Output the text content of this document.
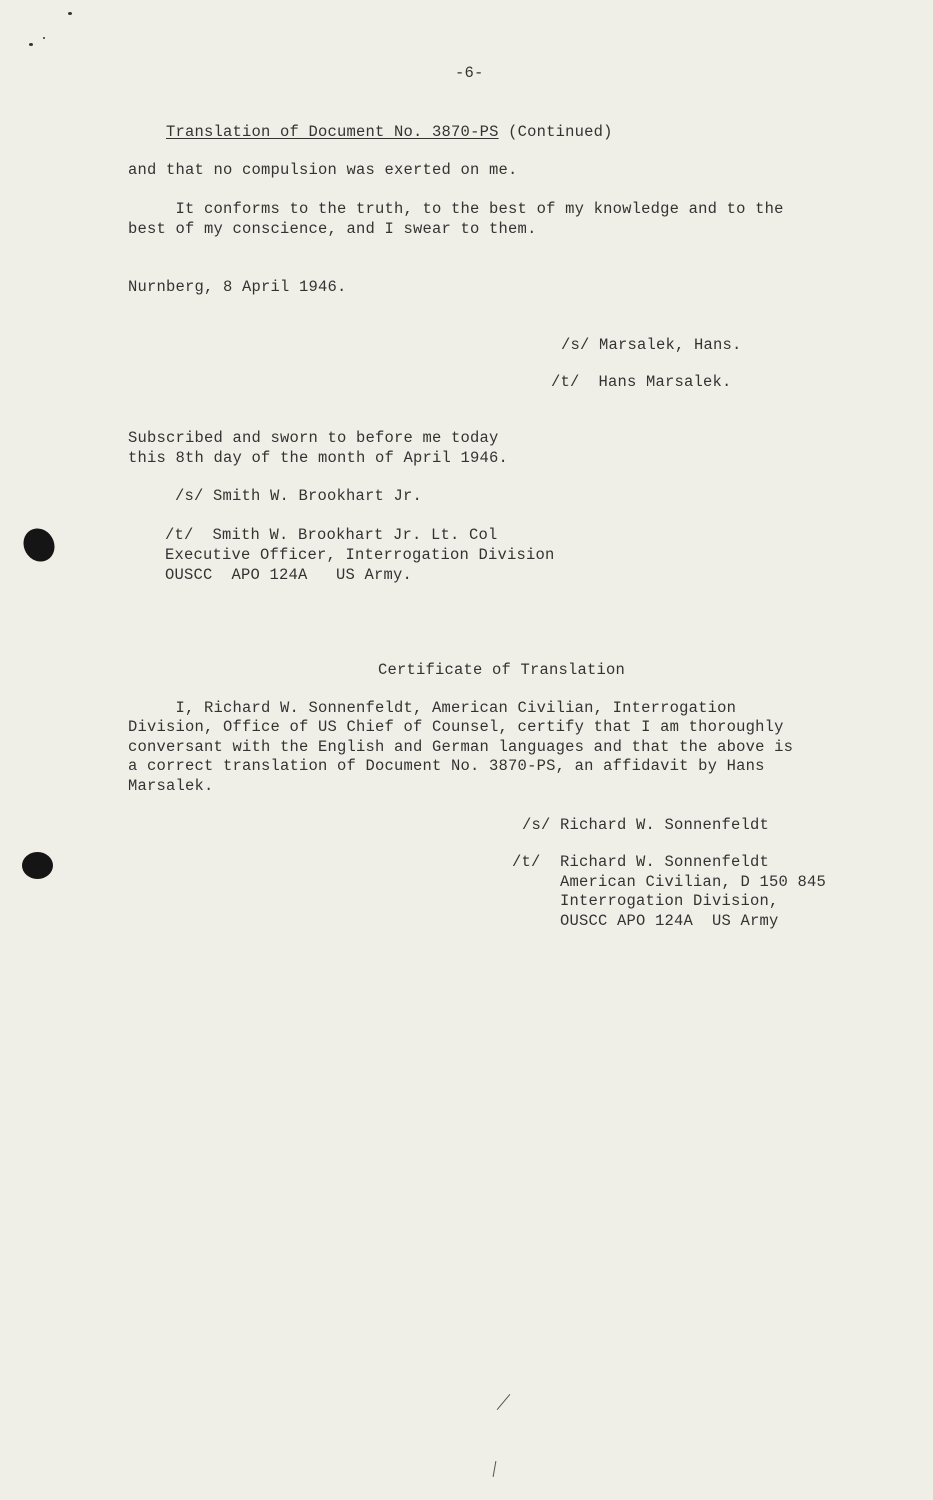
-6-

Translation of Document No. 3870-PS (Continued)

and that no compulsion was exerted on me.
It conforms to the truth, to the best of my knowledge and to the
best of my conscience, and I swear to them.
Nurnberg, 8 April 1946.
/s/ Marsalek, Hans.
/t/  Hans Marsalek.
Subscribed and sworn to before me today
this 8th day of the month of April 1946.
/s/ Smith W. Brookhart Jr.
/t/  Smith W. Brookhart Jr. Lt. Col
Executive Officer, Interrogation Division
OUSCC  APO 124A   US Army.
Certificate of Translation
I, Richard W. Sonnenfeldt, American Civilian, Interrogation
Division, Office of US Chief of Counsel, certify that I am thoroughly
conversant with the English and German languages and that the above is
a correct translation of Document No. 3870-PS, an affidavit by Hans
Marsalek.
/s/ Richard W. Sonnenfeldt
/t/ Richard W. Sonnenfeldt
American Civilian, D 150 845
Interrogation Division,
OUSCC APO 124A  US Army
